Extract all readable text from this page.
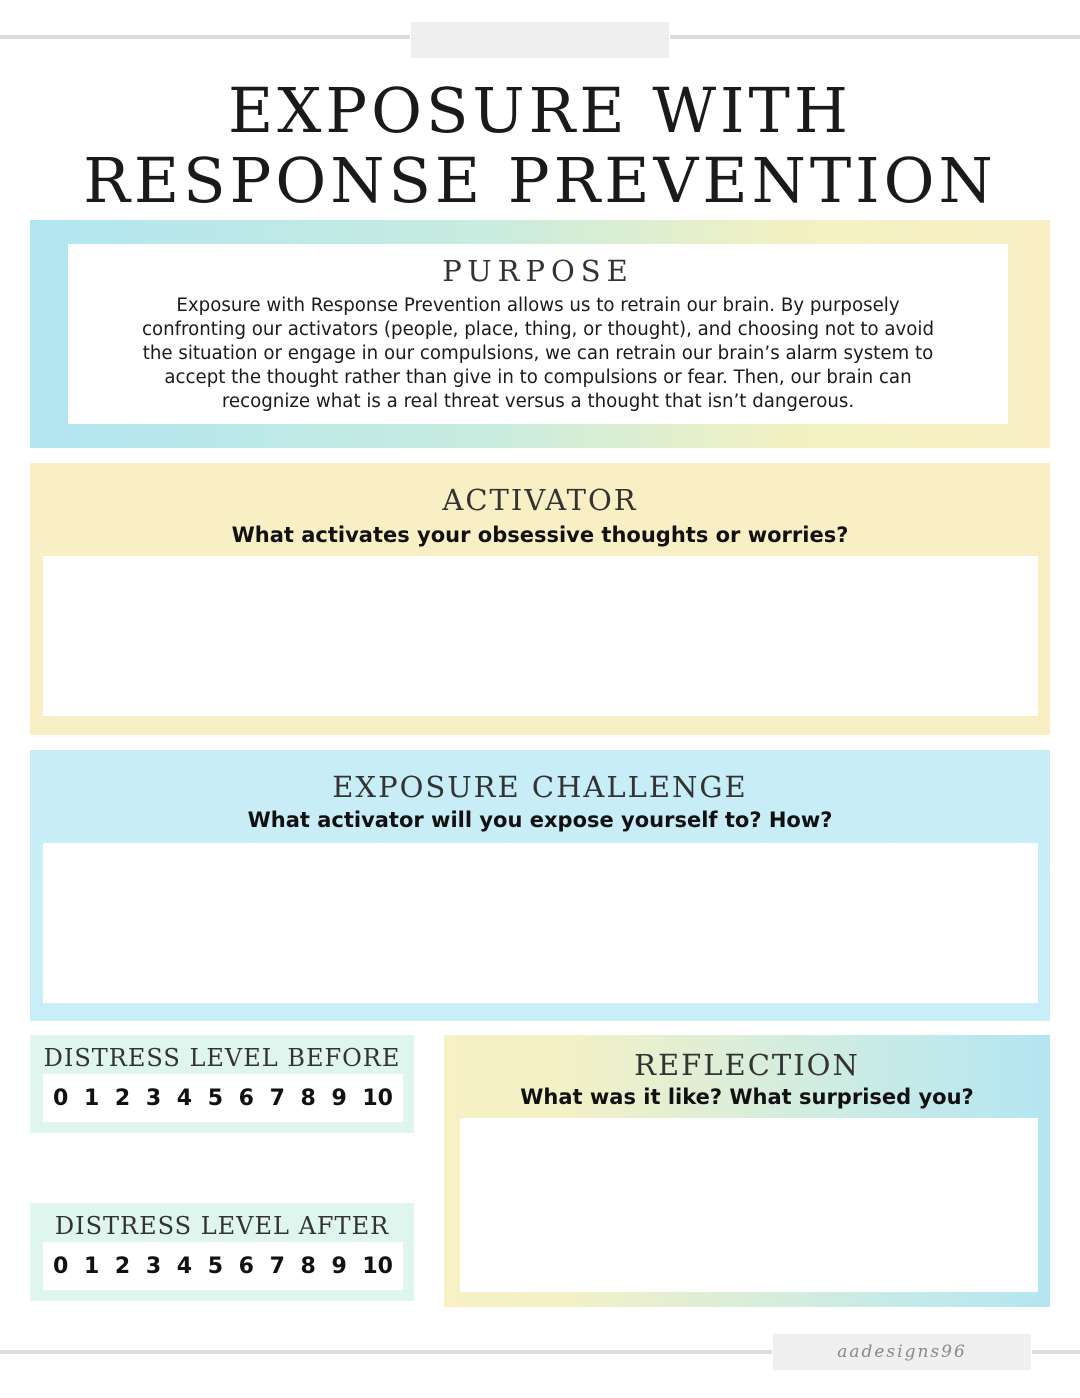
EXPOSURE WITH
RESPONSE PREVENTION
PURPOSE
Exposure with Response Prevention allows us to retrain our brain. By purposely
confronting our activators (people, place, thing, or thought), and choosing not to avoid
the situation or engage in our compulsions, we can retrain our brain’s alarm system to
accept the thought rather than give in to compulsions or fear. Then, our brain can
recognize what is a real threat versus a thought that isn’t dangerous.
ACTIVATOR
What activates your obsessive thoughts or worries?
EXPOSURE CHALLENGE
What activator will you expose yourself to? How?
DISTRESS LEVEL BEFORE
0 1 2 3 4 5 6 7 8 9 10
DISTRESS LEVEL AFTER
0 1 2 3 4 5 6 7 8 9 10
REFLECTION
What was it like? What surprised you?
aadesigns96
